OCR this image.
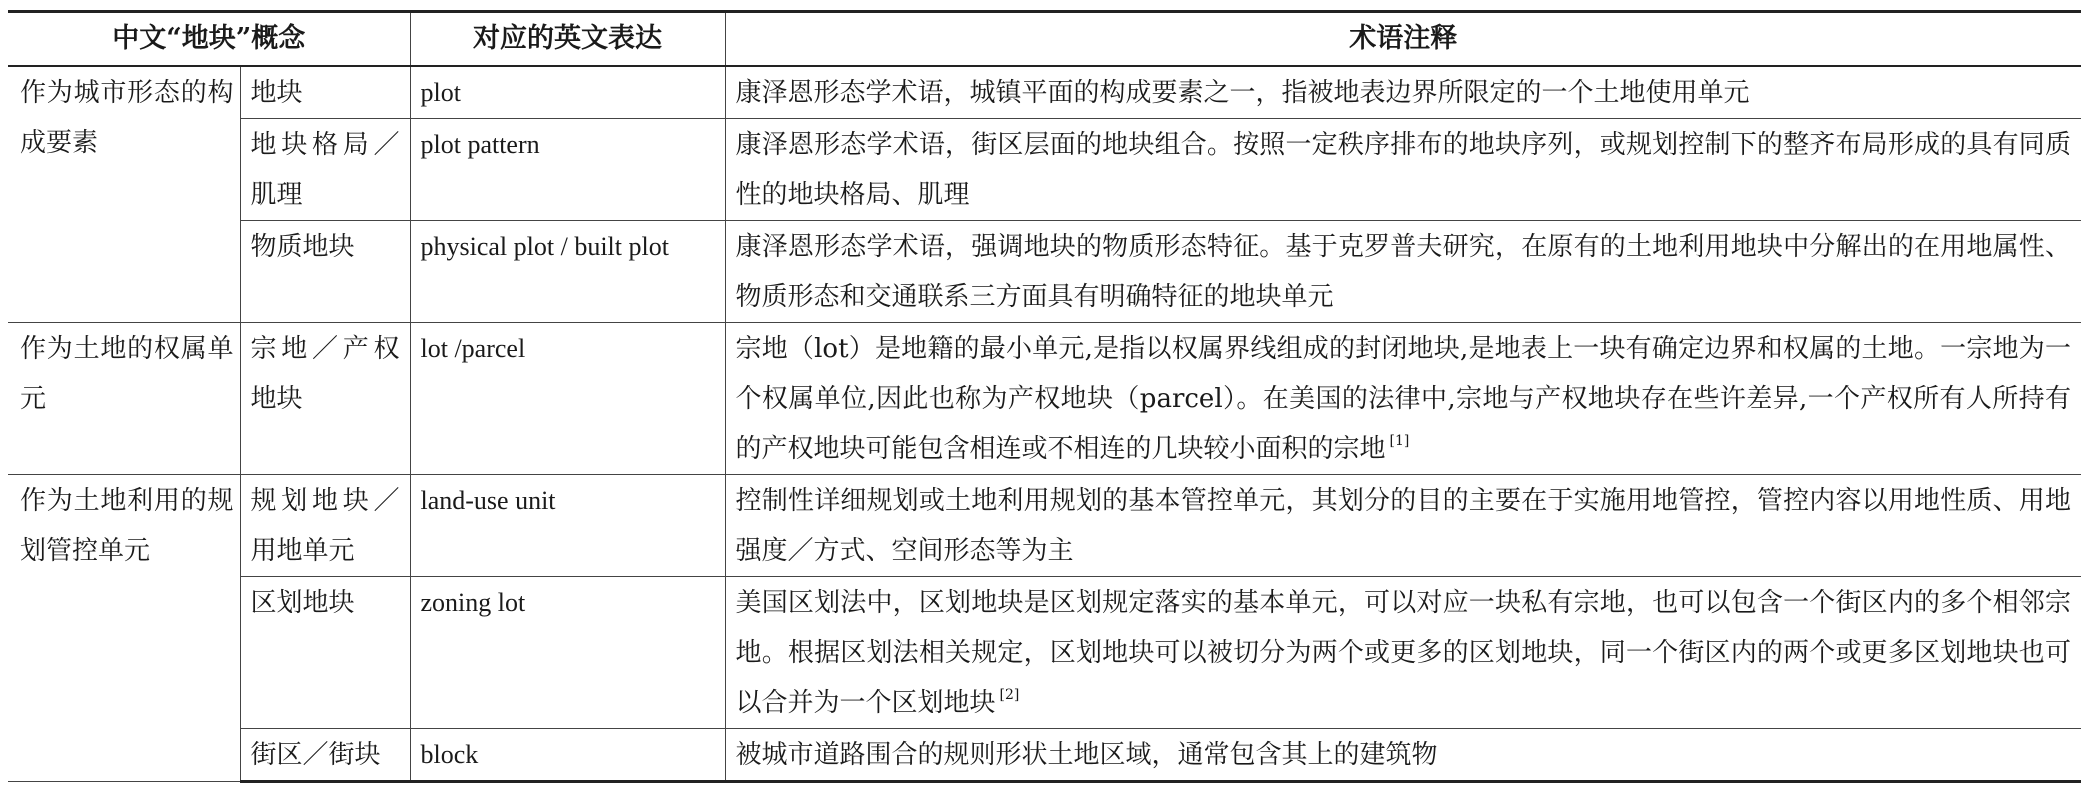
中文“地块”概念		对应的英文表达	术语注释
作为城市形态的构成要素	地块	plot	康泽恩形态学术语，城镇平面的构成要素之一，指被地表边界所限定的一个土地使用单元
	地块格局／肌理	plot pattern	康泽恩形态学术语，街区层面的地块组合。按照一定秩序排布的地块序列，或规划控制下的整齐布局形成的具有同质性的地块格局、肌理
	物质地块	physical plot / built plot	康泽恩形态学术语，强调地块的物质形态特征。基于克罗普夫研究，在原有的土地利用地块中分解出的在用地属性、物质形态和交通联系三方面具有明确特征的地块单元
作为土地的权属单元	宗地／产权地块	lot /parcel	宗地（lot）是地籍的最小单元,是指以权属界线组成的封闭地块,是地表上一块有确定边界和权属的土地。一宗地为一个权属单位,因此也称为产权地块（parcel）。在美国的法律中,宗地与产权地块存在些许差异,一个产权所有人所持有的产权地块可能包含相连或不相连的几块较小面积的宗地 [1]
作为土地利用的规划管控单元	规划地块／用地单元	land-use unit	控制性详细规划或土地利用规划的基本管控单元，其划分的目的主要在于实施用地管控，管控内容以用地性质、用地强度／方式、空间形态等为主
	区划地块	zoning lot	美国区划法中，区划地块是区划规定落实的基本单元，可以对应一块私有宗地，也可以包含一个街区内的多个相邻宗地。根据区划法相关规定，区划地块可以被切分为两个或更多的区划地块，同一个街区内的两个或更多区划地块也可以合并为一个区划地块 [2]
	街区／街块	block	被城市道路围合的规则形状土地区域，通常包含其上的建筑物
